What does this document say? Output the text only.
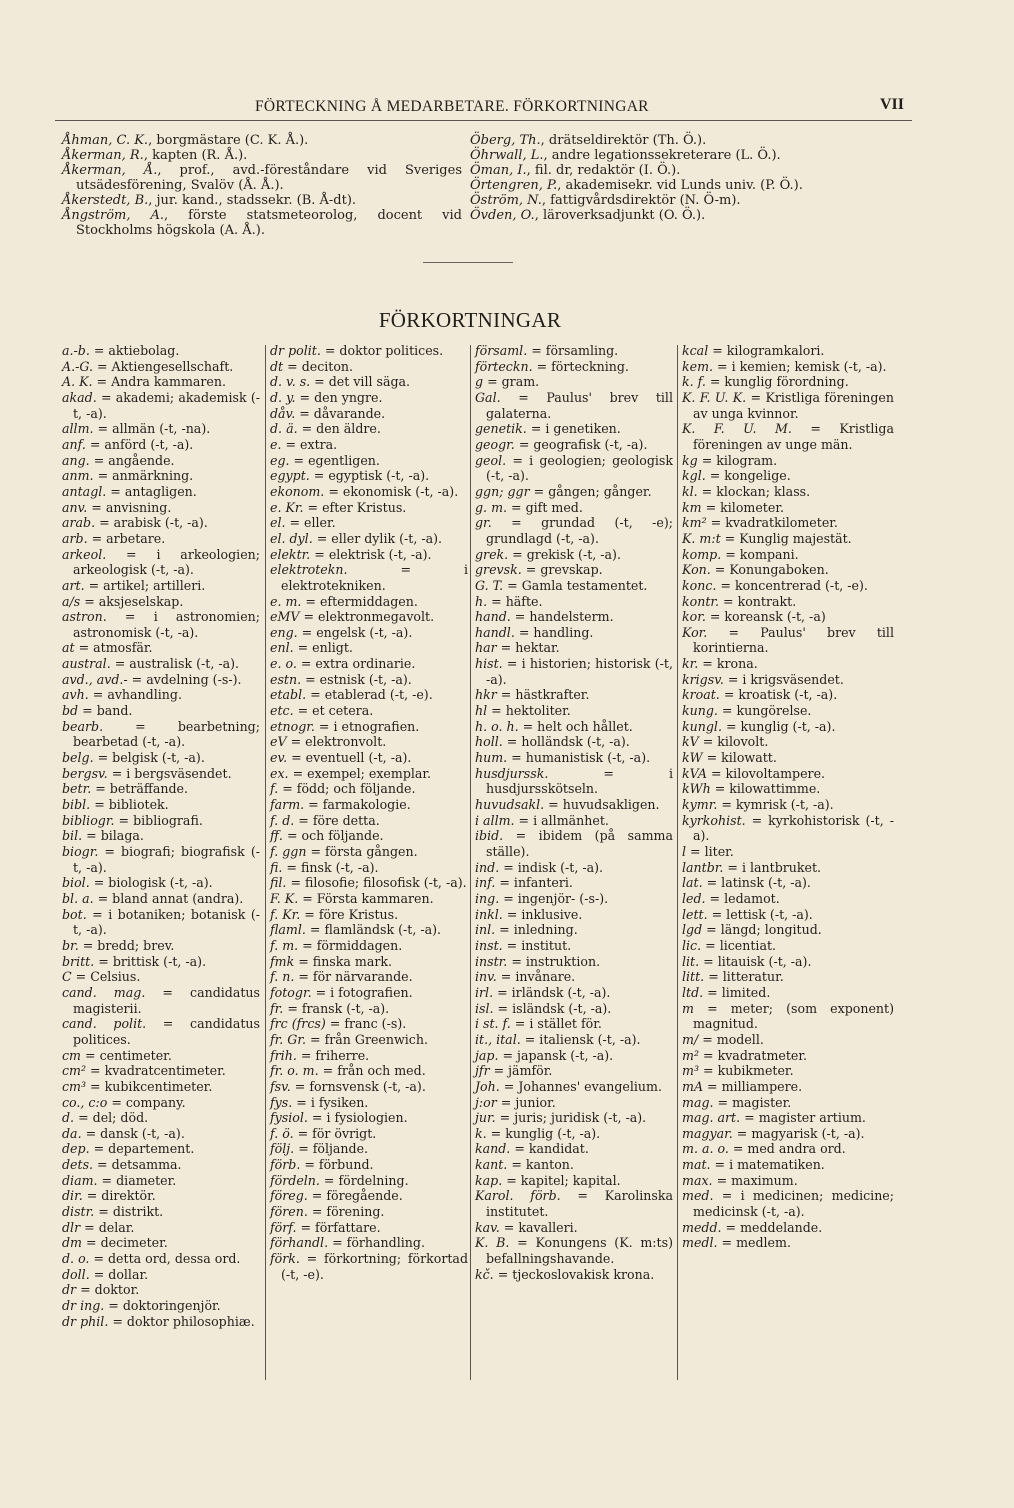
FÖRTECKNING Å MEDARBETARE. FÖRKORTNINGAR	VII
Åhman, C. K., borgmästare (C. K. Å.).
Åkerman, R., kapten (R. Å.).
Åkerman, Å., prof., avd.-föreståndare vid Sveriges utsädesförening, Svalöv (Å. Å.).
Åkerstedt, B., jur. kand., stadssekr. (B. Å-dt).
Ångström, A., förste statsmeteorolog, docent vid Stockholms högskola (A. Å.).
Öberg, Th., drätseldirektör (Th. Ö.).
Öhrwall, L., andre legationssekreterare (L. Ö.).
Öman, I., fil. dr, redaktör (I. Ö.).
Örtengren, P., akademisekr. vid Lunds univ. (P. Ö.).
Öström, N., fattigvårdsdirektör (N. Ö-m).
Övden, O., läroverksadjunkt (O. Ö.).
FÖRKORTNINGAR
a.-b. = aktiebolag.
A.-G. = Aktiengesellschaft.
A. K. = Andra kammaren.
akad. = akademi; akademisk (-t, -a).
allm. = allmän (-t, -na).
anf. = anförd (-t, -a).
ang. = angående.
anm. = anmärkning.
antagl. = antagligen.
anv. = anvisning.
arab. = arabisk (-t, -a).
arb. = arbetare.
arkeol. = i arkeologien; arkeologisk (-t, -a).
art. = artikel; artilleri.
a/s = aksjeselskap.
astron. = i astronomien; astronomisk (-t, -a).
at = atmosfär.
austral. = australisk (-t, -a).
avd., avd.- = avdelning (-s-).
avh. = avhandling.
bd = band.
bearb. = bearbetning; bearbetad (-t, -a).
belg. = belgisk (-t, -a).
bergsv. = i bergsväsendet.
betr. = beträffande.
bibl. = bibliotek.
bibliogr. = bibliografi.
bil. = bilaga.
biogr. = biografi; biografisk (-t, -a).
biol. = biologisk (-t, -a).
bl. a. = bland annat (andra).
bot. = i botaniken; botanisk (-t, -a).
br. = bredd; brev.
britt. = brittisk (-t, -a).
C = Celsius.
cand. mag. = candidatus magisterii.
cand. polit. = candidatus politices.
cm = centimeter.
cm² = kvadratcentimeter.
cm³ = kubikcentimeter.
co., c:o = company.
d. = del; död.
da. = dansk (-t, -a).
dep. = departement.
dets. = detsamma.
diam. = diameter.
dir. = direktör.
distr. = distrikt.
dlr = delar.
dm = decimeter.
d. o. = detta ord, dessa ord.
doll. = dollar.
dr = doktor.
dr ing. = doktoringenjör.
dr phil. = doktor philosophiæ.
dr polit. = doktor politices.
dt = deciton.
d. v. s. = det vill säga.
d. y. = den yngre.
dåv. = dåvarande.
d. ä. = den äldre.
e. = extra.
eg. = egentligen.
egypt. = egyptisk (-t, -a).
ekonom. = ekonomisk (-t, -a).
e. Kr. = efter Kristus.
el. = eller.
el. dyl. = eller dylik (-t, -a).
elektr. = elektrisk (-t, -a).
elektrotekn. = i elektrotekniken.
e. m. = eftermiddagen.
eMV = elektronmegavolt.
eng. = engelsk (-t, -a).
enl. = enligt.
e. o. = extra ordinarie.
estn. = estnisk (-t, -a).
etabl. = etablerad (-t, -e).
etc. = et cetera.
etnogr. = i etnografien.
eV = elektronvolt.
ev. = eventuell (-t, -a).
ex. = exempel; exemplar.
f. = född; och följande.
farm. = farmakologie.
f. d. = före detta.
ff. = och följande.
f. ggn = första gången.
fi. = finsk (-t, -a).
fil. = filosofie; filosofisk (-t, -a).
F. K. = Första kammaren.
f. Kr. = före Kristus.
flaml. = flamländsk (-t, -a).
f. m. = förmiddagen.
fmk = finska mark.
f. n. = för närvarande.
fotogr. = i fotografien.
fr. = fransk (-t, -a).
frc (frcs) = franc (-s).
fr. Gr. = från Greenwich.
frih. = friherre.
fr. o. m. = från och med.
fsv. = fornsvensk (-t, -a).
fys. = i fysiken.
fysiol. = i fysiologien.
f. ö. = för övrigt.
följ. = följande.
förb. = förbund.
fördeln. = fördelning.
föreg. = föregående.
fören. = förening.
förf. = författare.
förhandl. = förhandling.
förk. = förkortning; förkortad (-t, -e).
församl. = församling.
förteckn. = förteckning.
g = gram.
Gal. = Paulus' brev till galaterna.
genetik. = i genetiken.
geogr. = geografisk (-t, -a).
geol. = i geologien; geologisk (-t, -a).
ggn; ggr = gången; gånger.
g. m. = gift med.
gr. = grundad (-t, -e); grundlagd (-t, -a).
grek. = grekisk (-t, -a).
grevsk. = grevskap.
G. T. = Gamla testamentet.
h. = häfte.
hand. = handelsterm.
handl. = handling.
har = hektar.
hist. = i historien; historisk (-t, -a).
hkr = hästkrafter.
hl = hektoliter.
h. o. h. = helt och hållet.
holl. = holländsk (-t, -a).
hum. = humanistisk (-t, -a).
husdjurssk. = i husdjursskötseln.
huvudsakl. = huvudsakligen.
i allm. = i allmänhet.
ibid. = ibidem (på samma ställe).
ind. = indisk (-t, -a).
inf. = infanteri.
ing. = ingenjör- (-s-).
inkl. = inklusive.
inl. = inledning.
inst. = institut.
instr. = instruktion.
inv. = invånare.
irl. = irländsk (-t, -a).
isl. = isländsk (-t, -a).
i st. f. = i stället för.
it., ital. = italiensk (-t, -a).
jap. = japansk (-t, -a).
jfr = jämför.
Joh. = Johannes' evangelium.
j:or = junior.
jur. = juris; juridisk (-t, -a).
k. = kunglig (-t, -a).
kand. = kandidat.
kant. = kanton.
kap. = kapitel; kapital.
Karol. förb. = Karolinska institutet.
kav. = kavalleri.
K. B. = Konungens (K. m:ts) befallningshavande.
kč. = tjeckoslovakisk krona.
kcal = kilogramkalori.
kem. = i kemien; kemisk (-t, -a).
k. f. = kunglig förordning.
K. F. U. K. = Kristliga föreningen av unga kvinnor.
K. F. U. M. = Kristliga föreningen av unge män.
kg = kilogram.
kgl. = kongelige.
kl. = klockan; klass.
km = kilometer.
km² = kvadratkilometer.
K. m:t = Kunglig majestät.
komp. = kompani.
Kon. = Konungaboken.
konc. = koncentrerad (-t, -e).
kontr. = kontrakt.
kor. = koreansk (-t, -a)
Kor. = Paulus' brev till korintierna.
kr. = krona.
krigsv. = i krigsväsendet.
kroat. = kroatisk (-t, -a).
kung. = kungörelse.
kungl. = kunglig (-t, -a).
kV = kilovolt.
kW = kilowatt.
kVA = kilovoltampere.
kWh = kilowattimme.
kymr. = kymrisk (-t, -a).
kyrkohist. = kyrkohistorisk (-t, -a).
l = liter.
lantbr. = i lantbruket.
lat. = latinsk (-t, -a).
led. = ledamot.
lett. = lettisk (-t, -a).
lgd = längd; longitud.
lic. = licentiat.
lit. = litauisk (-t, -a).
litt. = litteratur.
ltd. = limited.
m = meter; (som exponent) magnitud.
m/ = modell.
m² = kvadratmeter.
m³ = kubikmeter.
mA = milliampere.
mag. = magister.
mag. art. = magister artium.
magyar. = magyarisk (-t, -a).
m. a. o. = med andra ord.
mat. = i matematiken.
max. = maximum.
med. = i medicinen; medicine; medicinsk (-t, -a).
medd. = meddelande.
medl. = medlem.
